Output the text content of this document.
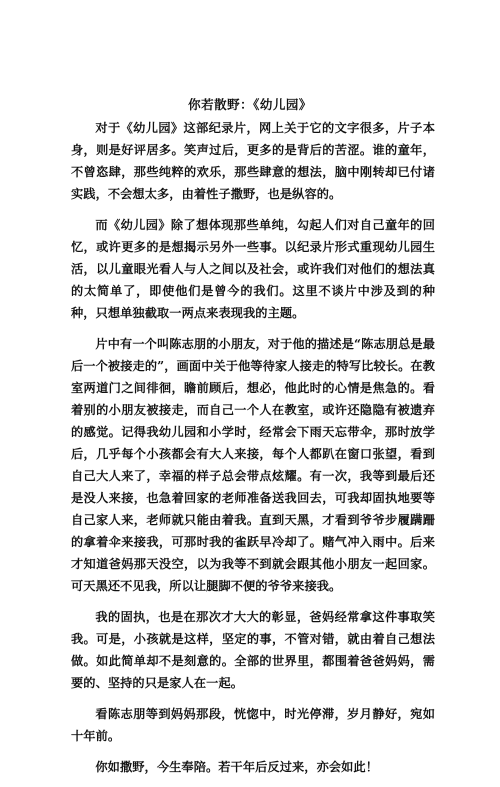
你若散野：《幼儿园》

对于《幼儿园》这部纪录片，网上关于它的文字很多，片子本身，则是好评居多。笑声过后，更多的是背后的苦涩。谁的童年，不曾恣肆，那些纯粹的欢乐，那些肆意的想法，脑中刚转却已付诸实践，不会想太多，由着性子撒野，也是纵容的。

而《幼儿园》除了想体现那些单纯，勾起人们对自己童年的回忆，或许更多的是想揭示另外一些事。以纪录片形式重现幼儿园生活，以儿童眼光看人与人之间以及社会，或许我们对他们的想法真的太简单了，即使他们是曾今的我们。这里不谈片中涉及到的种种，只想单独截取一两点来表现我的主题。

片中有一个叫陈志朋的小朋友，对于他的描述是“陈志朋总是最后一个被接走的”，画面中关于他等待家人接走的特写比较长。在教室两道门之间徘徊，瞻前顾后，想必，他此时的心情是焦急的。看着别的小朋友被接走，而自己一个人在教室，或许还隐隐有被遗弃的感觉。记得我幼儿园和小学时，经常会下雨天忘带伞，那时放学后，几乎每个小孩都会有大人来接，每个人都趴在窗口张望，看到自己大人来了，幸福的样子总会带点炫耀。有一次，我等到最后还是没人来接，也急着回家的老师准备送我回去，可我却固执地要等自己家人来，老师就只能由着我。直到天黑，才看到爷爷步履蹒跚的拿着伞来接我，可那时我的雀跃早冷却了。赌气冲入雨中。后来才知道爸妈那天没空，以为我等不到就会跟其他小朋友一起回家。可天黑还不见我，所以让腿脚不便的爷爷来接我。

我的固执，也是在那次才大大的彰显，爸妈经常拿这件事取笑我。可是，小孩就是这样，坚定的事，不管对错，就由着自己想法做。如此简单却不是刻意的。全部的世界里，都围着爸爸妈妈，需要的、坚持的只是家人在一起。

看陈志朋等到妈妈那段，恍惚中，时光停滞，岁月静好，宛如十年前。

你如撒野，今生奉陪。若干年后反过来，亦会如此！
